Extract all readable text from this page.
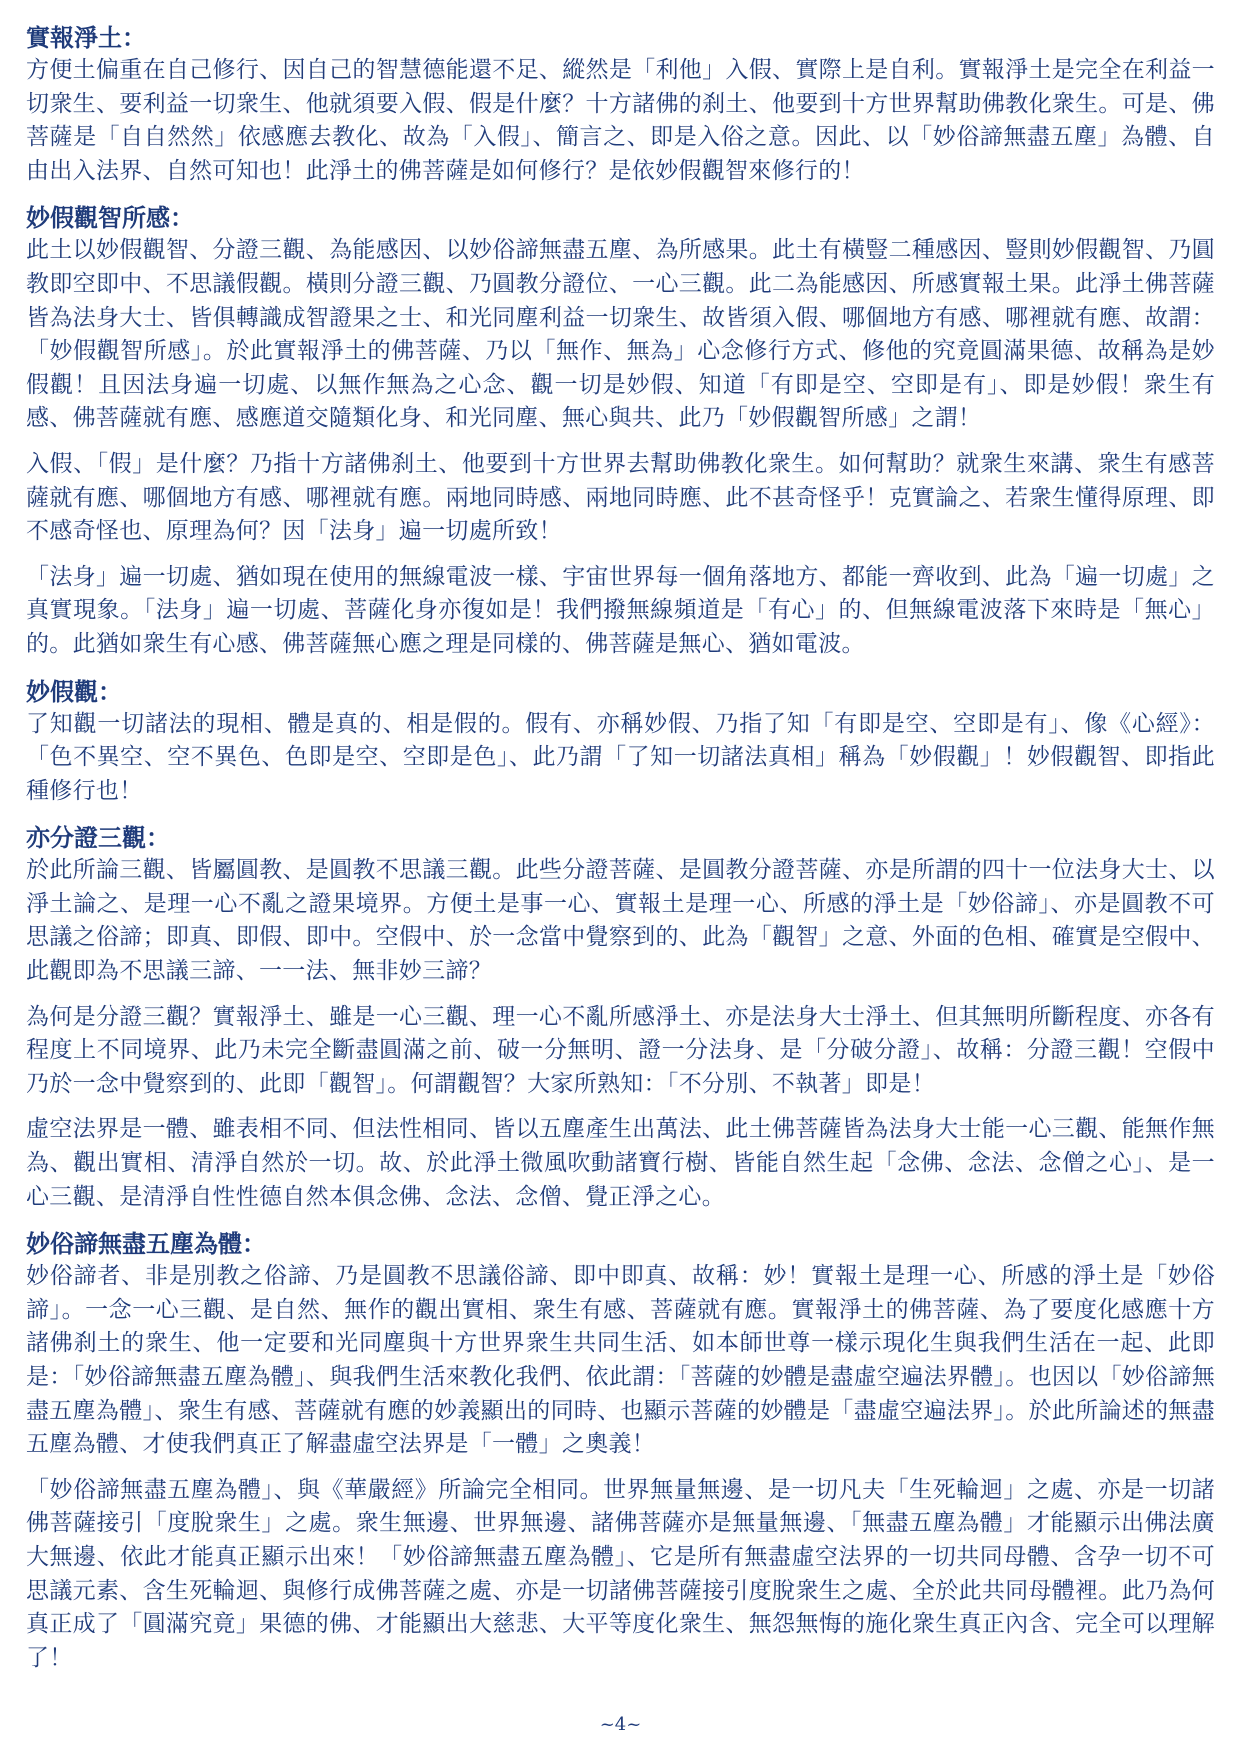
實報淨土：

方便土偏重在自己修行、因自己的智慧德能還不足、縱然是「利他」入假、實際上是自利。實報淨土是完全在利益一切衆生、要利益一切衆生、他就須要入假、假是什麼？十方諸佛的刹土、他要到十方世界幫助佛教化衆生。可是、佛菩薩是「自自然然」依感應去教化、故為「入假」、簡言之、即是入俗之意。因此、以「妙俗諦無盡五塵」為體、自由出入法界、自然可知也！此淨土的佛菩薩是如何修行？是依妙假觀智來修行的！

妙假觀智所感：

此土以妙假觀智、分證三觀、為能感因、以妙俗諦無盡五塵、為所感果。此土有橫豎二種感因、豎則妙假觀智、乃圓教即空即中、不思議假觀。橫則分證三觀、乃圓教分證位、一心三觀。此二為能感因、所感實報土果。此淨土佛菩薩皆為法身大士、皆俱轉識成智證果之士、和光同塵利益一切衆生、故皆須入假、哪個地方有感、哪裡就有應、故謂：「妙假觀智所感」。於此實報淨土的佛菩薩、乃以「無作、無為」心念修行方式、修他的究竟圓滿果德、故稱為是妙假觀！且因法身遍一切處、以無作無為之心念、觀一切是妙假、知道「有即是空、空即是有」、即是妙假！衆生有感、佛菩薩就有應、感應道交隨類化身、和光同塵、無心與共、此乃「妙假觀智所感」之謂！

入假、「假」是什麼？乃指十方諸佛刹土、他要到十方世界去幫助佛教化衆生。如何幫助？就衆生來講、衆生有感菩薩就有應、哪個地方有感、哪裡就有應。兩地同時感、兩地同時應、此不甚奇怪乎！克實論之、若衆生懂得原理、即不感奇怪也、原理為何？因「法身」遍一切處所致！

「法身」遍一切處、猶如現在使用的無線電波一樣、宇宙世界每一個角落地方、都能一齊收到、此為「遍一切處」之真實現象。「法身」遍一切處、菩薩化身亦復如是！我們撥無線頻道是「有心」的、但無線電波落下來時是「無心」的。此猶如衆生有心感、佛菩薩無心應之理是同樣的、佛菩薩是無心、猶如電波。

妙假觀：

了知觀一切諸法的現相、體是真的、相是假的。假有、亦稱妙假、乃指了知「有即是空、空即是有」、像《心經》：「色不異空、空不異色、色即是空、空即是色」、此乃謂「了知一切諸法真相」稱為「妙假觀」！妙假觀智、即指此種修行也！

亦分證三觀：

於此所論三觀、皆屬圓教、是圓教不思議三觀。此些分證菩薩、是圓教分證菩薩、亦是所謂的四十一位法身大士、以淨土論之、是理一心不亂之證果境界。方便土是事一心、實報土是理一心、所感的淨土是「妙俗諦」、亦是圓教不可思議之俗諦；即真、即假、即中。空假中、於一念當中覺察到的、此為「觀智」之意、外面的色相、確實是空假中、此觀即為不思議三諦、一一法、無非妙三諦？

為何是分證三觀？實報淨土、雖是一心三觀、理一心不亂所感淨土、亦是法身大士淨土、但其無明所斷程度、亦各有程度上不同境界、此乃未完全斷盡圓滿之前、破一分無明、證一分法身、是「分破分證」、故稱：分證三觀！空假中乃於一念中覺察到的、此即「觀智」。何謂觀智？大家所熟知：「不分別、不執著」即是！

虛空法界是一體、雖表相不同、但法性相同、皆以五塵產生出萬法、此土佛菩薩皆為法身大士能一心三觀、能無作無為、觀出實相、清淨自然於一切。故、於此淨土微風吹動諸寶行樹、皆能自然生起「念佛、念法、念僧之心」、是一心三觀、是清淨自性性德自然本俱念佛、念法、念僧、覺正淨之心。

妙俗諦無盡五塵為體：

妙俗諦者、非是別教之俗諦、乃是圓教不思議俗諦、即中即真、故稱：妙！實報土是理一心、所感的淨土是「妙俗諦」。一念一心三觀、是自然、無作的觀出實相、衆生有感、菩薩就有應。實報淨土的佛菩薩、為了要度化感應十方諸佛刹土的衆生、他一定要和光同塵與十方世界衆生共同生活、如本師世尊一樣示現化生與我們生活在一起、此即是：「妙俗諦無盡五塵為體」、與我們生活來教化我們、依此謂：「菩薩的妙體是盡虛空遍法界體」。也因以「妙俗諦無盡五塵為體」、衆生有感、菩薩就有應的妙義顯出的同時、也顯示菩薩的妙體是「盡虛空遍法界」。於此所論述的無盡五塵為體、才使我們真正了解盡虛空法界是「一體」之奧義！

「妙俗諦無盡五塵為體」、與《華嚴經》所論完全相同。世界無量無邊、是一切凡夫「生死輪迴」之處、亦是一切諸佛菩薩接引「度脫衆生」之處。衆生無邊、世界無邊、諸佛菩薩亦是無量無邊、「無盡五塵為體」才能顯示出佛法廣大無邊、依此才能真正顯示出來！「妙俗諦無盡五塵為體」、它是所有無盡虛空法界的一切共同母體、含孕一切不可思議元素、含生死輪迴、與修行成佛菩薩之處、亦是一切諸佛菩薩接引度脫衆生之處、全於此共同母體裡。此乃為何真正成了「圓滿究竟」果德的佛、才能顯出大慈悲、大平等度化衆生、無怨無悔的施化衆生真正內含、完全可以理解了！

~4~
